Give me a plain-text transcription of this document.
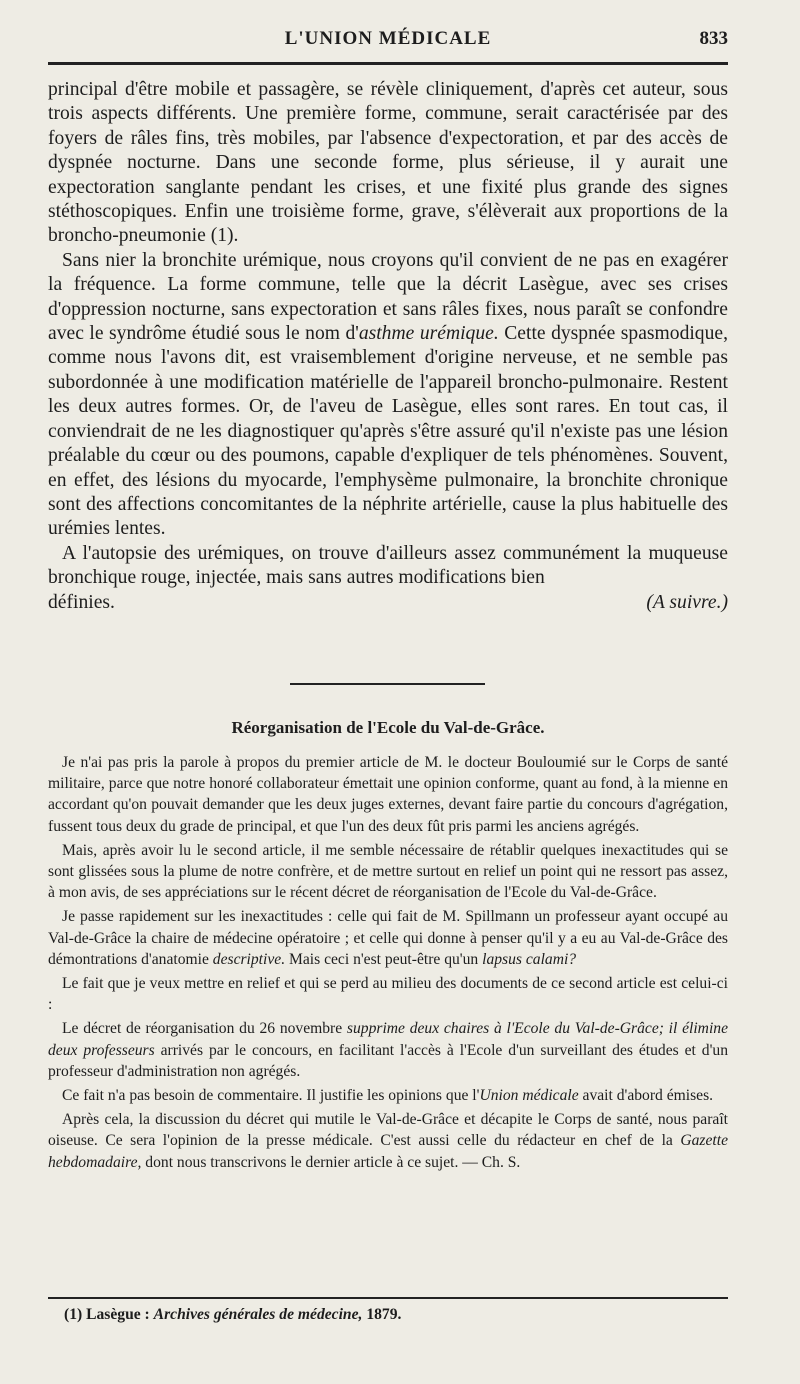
L'UNION MÉDICALE	833

principal d'être mobile et passagère, se révèle cliniquement, d'après cet auteur, sous trois aspects différents. Une première forme, commune, serait caractérisée par des foyers de râles fins, très mobiles, par l'absence d'expectoration, et par des accès de dyspnée nocturne. Dans une seconde forme, plus sérieuse, il y aurait une expectoration sanglante pendant les crises, et une fixité plus grande des signes stéthoscopiques. Enfin une troisième forme, grave, s'élèverait aux proportions de la broncho-pneumonie (1).

Sans nier la bronchite urémique, nous croyons qu'il convient de ne pas en exagérer la fréquence. La forme commune, telle que la décrit Lasègue, avec ses crises d'oppression nocturne, sans expectoration et sans râles fixes, nous paraît se confondre avec le syndrôme étudié sous le nom d'asthme urémique. Cette dyspnée spasmodique, comme nous l'avons dit, est vraisemblement d'origine nerveuse, et ne semble pas subordonnée à une modification matérielle de l'appareil broncho-pulmonaire. Restent les deux autres formes. Or, de l'aveu de Lasègue, elles sont rares. En tout cas, il conviendrait de ne les diagnostiquer qu'après s'être assuré qu'il n'existe pas une lésion préalable du cœur ou des poumons, capable d'expliquer de tels phénomènes. Souvent, en effet, des lésions du myocarde, l'emphysème pulmonaire, la bronchite chronique sont des affections concomitantes de la néphrite artérielle, cause la plus habituelle des urémies lentes.

A l'autopsie des urémiques, on trouve d'ailleurs assez communément la muqueuse bronchique rouge, injectée, mais sans autres modifications bien

définies.	(A suivre.)
Réorganisation de l'Ecole du Val-de-Grâce.

Je n'ai pas pris la parole à propos du premier article de M. le docteur Bouloumié sur le Corps de santé militaire, parce que notre honoré collaborateur émettait une opinion conforme, quant au fond, à la mienne en accordant qu'on pouvait demander que les deux juges externes, devant faire partie du concours d'agrégation, fussent tous deux du grade de principal, et que l'un des deux fût pris parmi les anciens agrégés.

Mais, après avoir lu le second article, il me semble nécessaire de rétablir quelques inexactitudes qui se sont glissées sous la plume de notre confrère, et de mettre surtout en relief un point qui ne ressort pas assez, à mon avis, de ses appréciations sur le récent décret de réorganisation de l'Ecole du Val-de-Grâce.

Je passe rapidement sur les inexactitudes : celle qui fait de M. Spillmann un professeur ayant occupé au Val-de-Grâce la chaire de médecine opératoire ; et celle qui donne à penser qu'il y a eu au Val-de-Grâce des démontrations d'anatomie descriptive. Mais ceci n'est peut-être qu'un lapsus calami?

Le fait que je veux mettre en relief et qui se perd au milieu des documents de ce second article est celui-ci :

Le décret de réorganisation du 26 novembre supprime deux chaires à l'Ecole du Val-de-Grâce; il élimine deux professeurs arrivés par le concours, en facilitant l'accès à l'Ecole d'un surveillant des études et d'un professeur d'administration non agrégés.

Ce fait n'a pas besoin de commentaire. Il justifie les opinions que l'Union médicale avait d'abord émises.

Après cela, la discussion du décret qui mutile le Val-de-Grâce et décapite le Corps de santé, nous paraît oiseuse. Ce sera l'opinion de la presse médicale. C'est aussi celle du rédacteur en chef de la Gazette hebdomadaire, dont nous transcrivons le dernier article à ce sujet. — Ch. S.

(1) Lasègue : Archives générales de médecine, 1879.
